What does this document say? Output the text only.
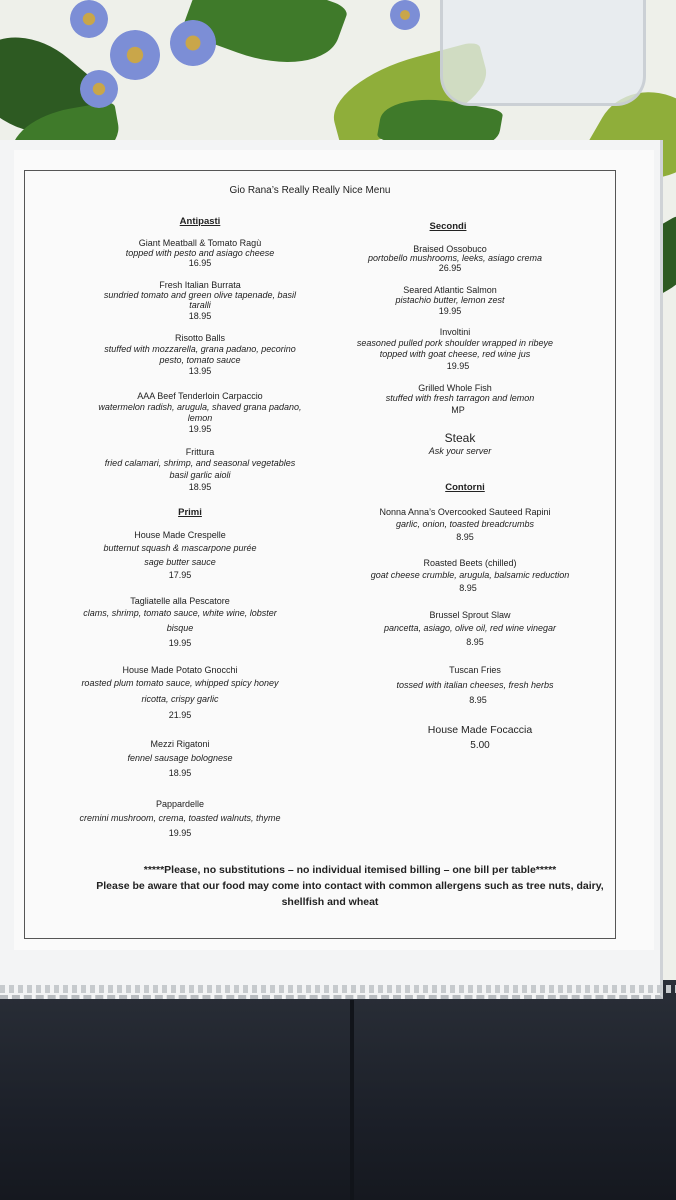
Gio Rana’s Really Really Nice Menu
Antipasti
Giant Meatball & Tomato Ragù
topped with pesto and asiago cheese
16.95
Fresh Italian Burrata
sundried tomato and green olive tapenade, basil
taralli
18.95
Risotto Balls
stuffed with mozzarella, grana padano, pecorino
pesto, tomato sauce
13.95
AAA Beef Tenderloin Carpaccio
watermelon radish, arugula, shaved grana padano,
lemon
19.95
Frittura
fried calamari, shrimp, and seasonal vegetables
basil garlic aioli
18.95
Primi
House Made Crespelle
butternut squash & mascarpone purée
sage butter sauce
17.95
Tagliatelle alla Pescatore
clams, shrimp, tomato sauce, white wine, lobster
bisque
19.95
House Made Potato Gnocchi
roasted plum tomato sauce, whipped spicy honey
ricotta, crispy garlic
21.95
Mezzi Rigatoni
fennel sausage bolognese
18.95
Pappardelle
cremini mushroom, crema, toasted walnuts, thyme
19.95
Secondi
Braised Ossobuco
portobello mushrooms, leeks, asiago crema
26.95
Seared Atlantic Salmon
pistachio butter, lemon zest
19.95
Involtini
seasoned pulled pork shoulder wrapped in ribeye
topped with goat cheese, red wine jus
19.95
Grilled Whole Fish
stuffed with fresh tarragon and lemon
MP
Steak
Ask your server
Contorni
Nonna Anna’s Overcooked Sauteed Rapini
garlic, onion, toasted breadcrumbs
8.95
Roasted Beets (chilled)
goat cheese crumble, arugula, balsamic reduction
8.95
Brussel Sprout Slaw
pancetta, asiago, olive oil, red wine vinegar
8.95
Tuscan Fries
tossed with italian cheeses, fresh herbs
8.95
House Made Focaccia
5.00
*****Please, no substitutions – no individual itemised billing – one bill per table*****
Please be aware that our food may come into contact with common allergens such as tree nuts, dairy,
shellfish and wheat
